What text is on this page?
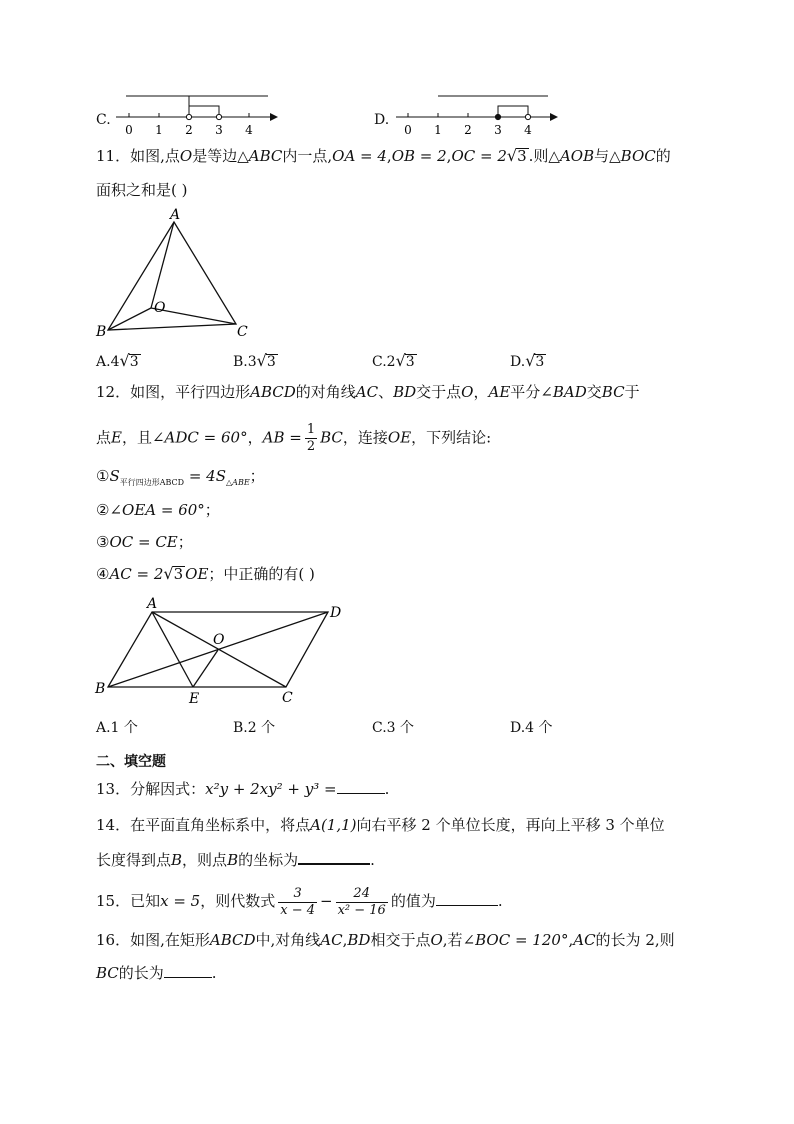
C.
0 1 2 3 4
D.
0 1 2 3 4
11．如图,点O是等边△ABC内一点,OA = 4,OB = 2,OC = 2√3 .则△AOB与△BOC的
面积之和是( )
A
B	C
O
A.4√3	B.3√3	C.2√3	D.√3
12．如图，平行四边形ABCD的对角线AC、BD交于点O，AE平分∠BAD交BC于
点E，且∠ADC = 60°，AB = $\frac{1}{2}$ BC，连接OE，下列结论:
$①S_{平行四边形ABCD} = 4S_{\triangle ABE}$；
②∠OEA = 60°；
③OC = CE；
④AC = 2√3 OE；中正确的有( )
A
D
B
C
E
O
A.1 个	B.2 个	C.3 个	D.4 个
二、填空题
13．分解因式：x²y + 2xy² + y³ =	.
14．在平面直角坐标系中，将点A(1,1)向右平移 2 个单位长度，再向上平移 3 个单位
长度得到点B，则点B的坐标为	.
15．已知x = 5，则代数式 $\frac{3}{x - 4} - \frac{24}{\text{x² − 16}}$ 的值为	.
16．如图,在矩形ABCD中,对角线AC,BD相交于点O,若∠BOC = 120°,AC的长为 2,则
BC的长为	.
